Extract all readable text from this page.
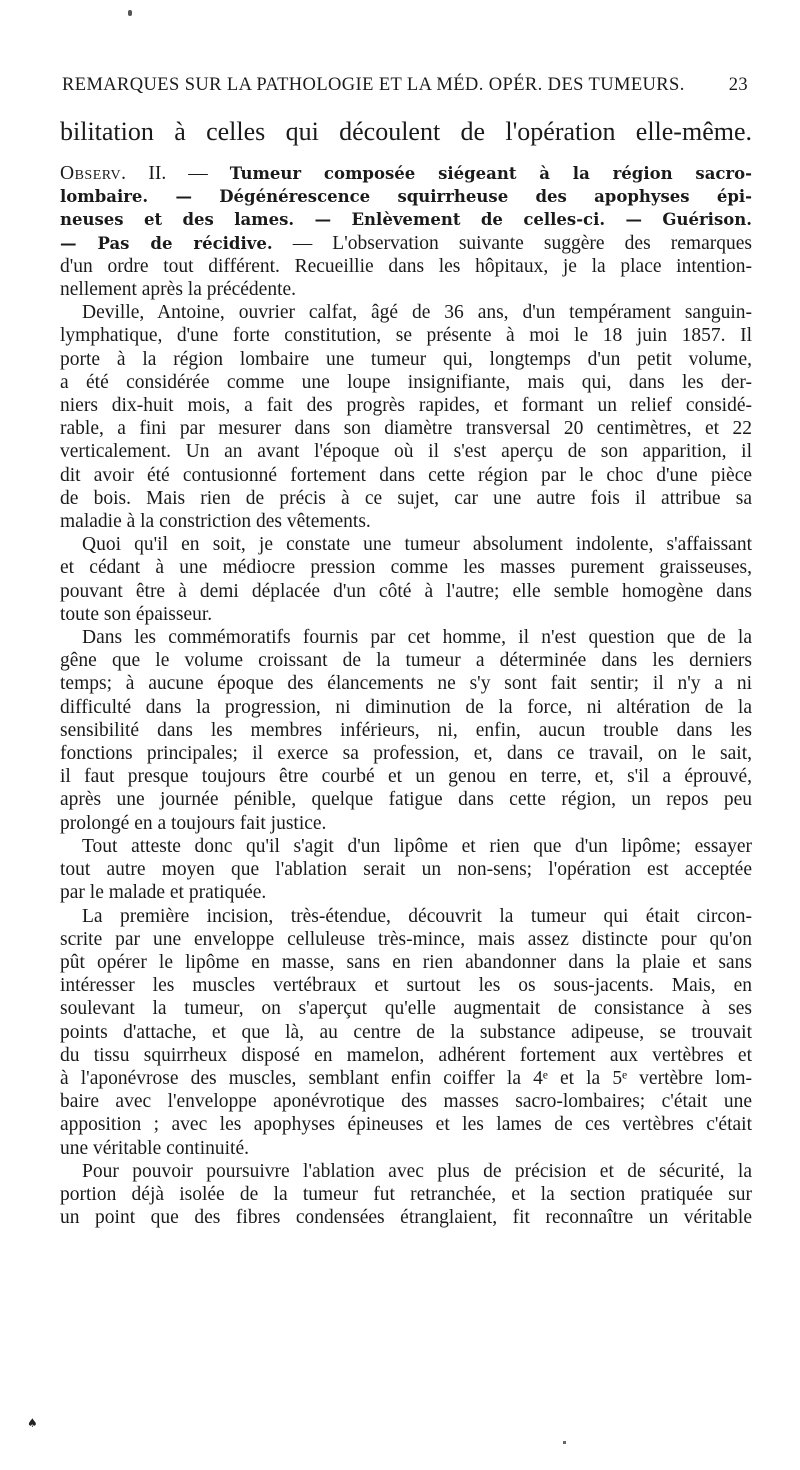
REMARQUES SUR LA PATHOLOGIE ET LA MÉD. OPÉR. DES TUMEURS. 23
bilitation à celles qui découlent de l'opération elle-même.
Observ. II. — Tumeur composée siégeant à la région sacro-
lombaire. — Dégénérescence squirrheuse des apophyses épi-
neuses et des lames. — Enlèvement de celles-ci. — Guérison.
— Pas de récidive. — L'observation suivante suggère des remarques
d'un ordre tout différent. Recueillie dans les hôpitaux, je la place intention-
nellement après la précédente.
Deville, Antoine, ouvrier calfat, âgé de 36 ans, d'un tempérament sanguin-
lymphatique, d'une forte constitution, se présente à moi le 18 juin 1857. Il
porte à la région lombaire une tumeur qui, longtemps d'un petit volume,
a été considérée comme une loupe insignifiante, mais qui, dans les der-
niers dix-huit mois, a fait des progrès rapides, et formant un relief considé-
rable, a fini par mesurer dans son diamètre transversal 20 centimètres, et 22
verticalement. Un an avant l'époque où il s'est aperçu de son apparition, il
dit avoir été contusionné fortement dans cette région par le choc d'une pièce
de bois. Mais rien de précis à ce sujet, car une autre fois il attribue sa
maladie à la constriction des vêtements.
Quoi qu'il en soit, je constate une tumeur absolument indolente, s'affaissant
et cédant à une médiocre pression comme les masses purement graisseuses,
pouvant être à demi déplacée d'un côté à l'autre; elle semble homogène dans
toute son épaisseur.
Dans les commémoratifs fournis par cet homme, il n'est question que de la
gêne que le volume croissant de la tumeur a déterminée dans les derniers
temps; à aucune époque des élancements ne s'y sont fait sentir; il n'y a ni
difficulté dans la progression, ni diminution de la force, ni altération de la
sensibilité dans les membres inférieurs, ni, enfin, aucun trouble dans les
fonctions principales; il exerce sa profession, et, dans ce travail, on le sait,
il faut presque toujours être courbé et un genou en terre, et, s'il a éprouvé,
après une journée pénible, quelque fatigue dans cette région, un repos peu
prolongé en a toujours fait justice.
Tout atteste donc qu'il s'agit d'un lipôme et rien que d'un lipôme; essayer
tout autre moyen que l'ablation serait un non-sens; l'opération est acceptée
par le malade et pratiquée.
La première incision, très-étendue, découvrit la tumeur qui était circon-
scrite par une enveloppe celluleuse très-mince, mais assez distincte pour qu'on
pût opérer le lipôme en masse, sans en rien abandonner dans la plaie et sans
intéresser les muscles vertébraux et surtout les os sous-jacents. Mais, en
soulevant la tumeur, on s'aperçut qu'elle augmentait de consistance à ses
points d'attache, et que là, au centre de la substance adipeuse, se trouvait
du tissu squirrheux disposé en mamelon, adhérent fortement aux vertèbres et
à l'aponévrose des muscles, semblant enfin coiffer la 4ᵉ et la 5ᵉ vertèbre lom-
baire avec l'enveloppe aponévrotique des masses sacro-lombaires; c'était une
apposition ; avec les apophyses épineuses et les lames de ces vertèbres c'était
une véritable continuité.
Pour pouvoir poursuivre l'ablation avec plus de précision et de sécurité, la
portion déjà isolée de la tumeur fut retranchée, et la section pratiquée sur
un point que des fibres condensées étranglaient, fit reconnaître un véritable
♠
